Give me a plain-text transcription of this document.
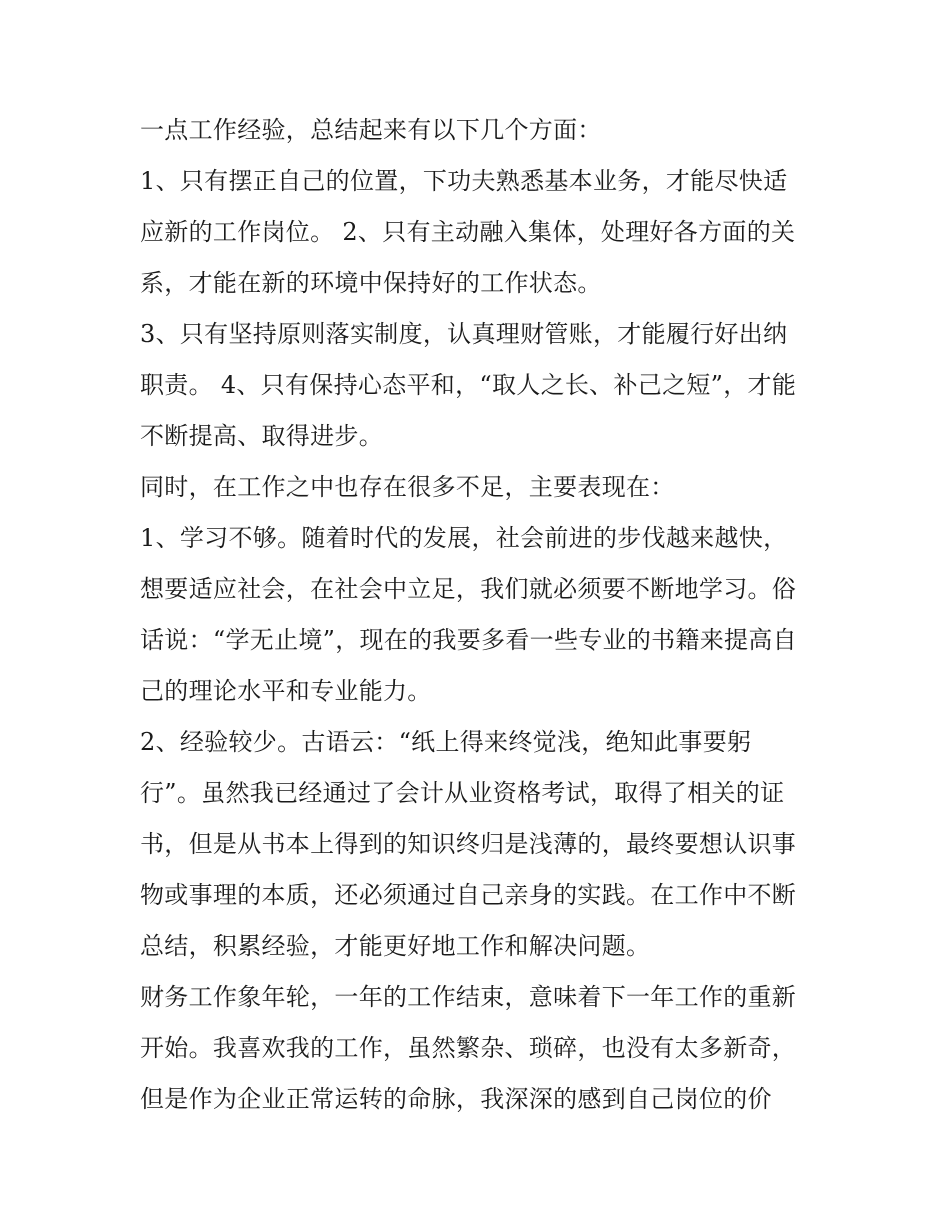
一点工作经验，总结起来有以下几个方面：
1、只有摆正自己的位置，下功夫熟悉基本业务，才能尽快适
应新的工作岗位。 2、只有主动融入集体，处理好各方面的关
系，才能在新的环境中保持好的工作状态。
3、只有坚持原则落实制度，认真理财管账，才能履行好出纳
职责。 4、只有保持心态平和，“取人之长、补己之短”，才能
不断提高、取得进步。
同时，在工作之中也存在很多不足，主要表现在：
1、学习不够。随着时代的发展，社会前进的步伐越来越快，
想要适应社会，在社会中立足，我们就必须要不断地学习。俗
话说：“学无止境”，现在的我要多看一些专业的书籍来提高自
己的理论水平和专业能力。
2、经验较少。古语云：“纸上得来终觉浅，绝知此事要躬
行”。虽然我已经通过了会计从业资格考试，取得了相关的证
书，但是从书本上得到的知识终归是浅薄的，最终要想认识事
物或事理的本质，还必须通过自己亲身的实践。在工作中不断
总结，积累经验，才能更好地工作和解决问题。
财务工作象年轮，一年的工作结束，意味着下一年工作的重新
开始。我喜欢我的工作，虽然繁杂、琐碎，也没有太多新奇，
但是作为企业正常运转的命脉，我深深的感到自己岗位的价
